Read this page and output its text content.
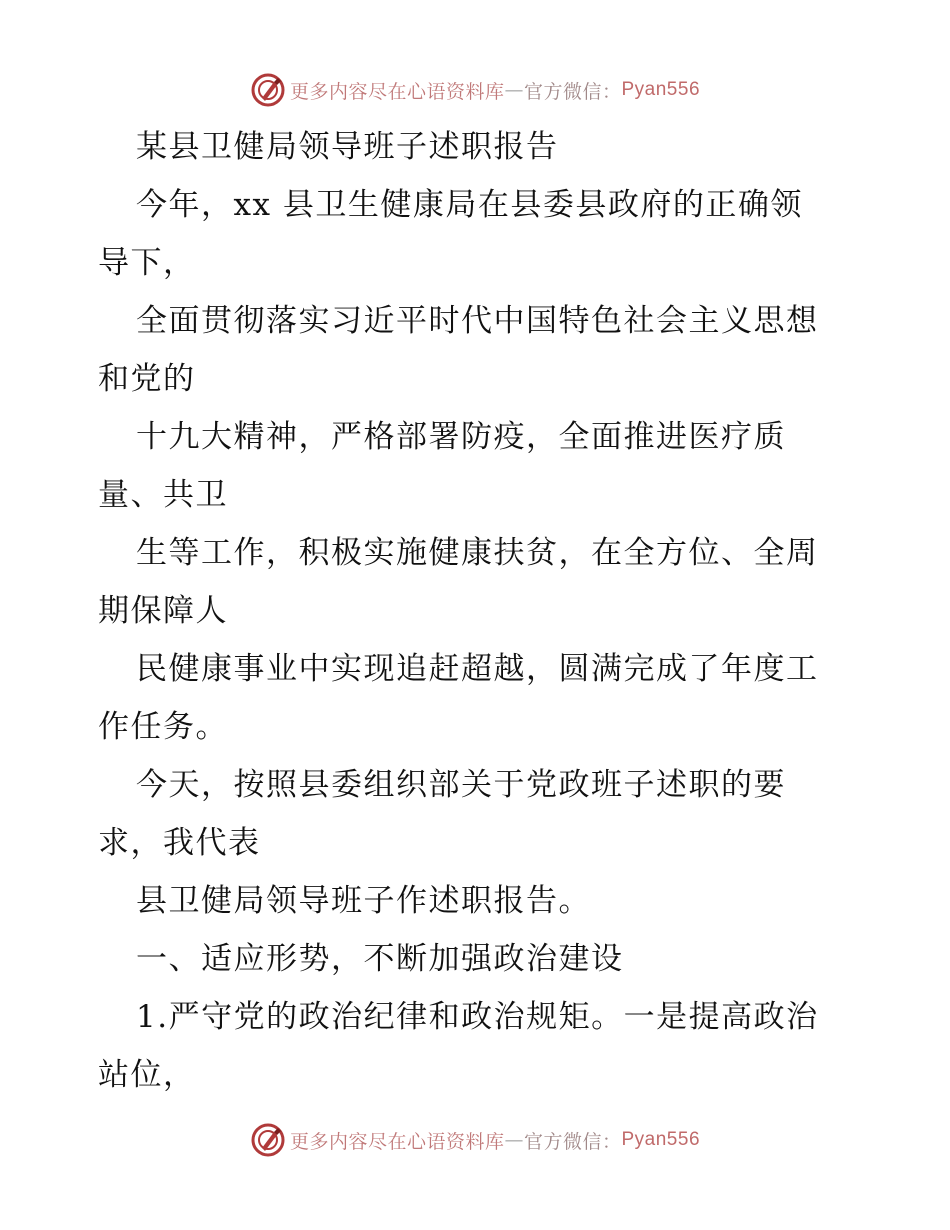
更多内容尽在心语资料库 — 官方微信： Pyan556
某县卫健局领导班子述职报告
今年，xx 县卫生健康局在县委县政府的正确领
导下，
全面贯彻落实习近平时代中国特色社会主义思想
和党的
十九大精神，严格部署防疫，全面推进医疗质
量、共卫
生等工作，积极实施健康扶贫，在全方位、全周
期保障人
民健康事业中实现追赶超越，圆满完成了年度工
作任务。
今天，按照县委组织部关于党政班子述职的要
求，我代表
县卫健局领导班子作述职报告。
一、适应形势，不断加强政治建设
1.严守党的政治纪律和政治规矩。一是提高政治
站位，
更多内容尽在心语资料库 — 官方微信： Pyan556
